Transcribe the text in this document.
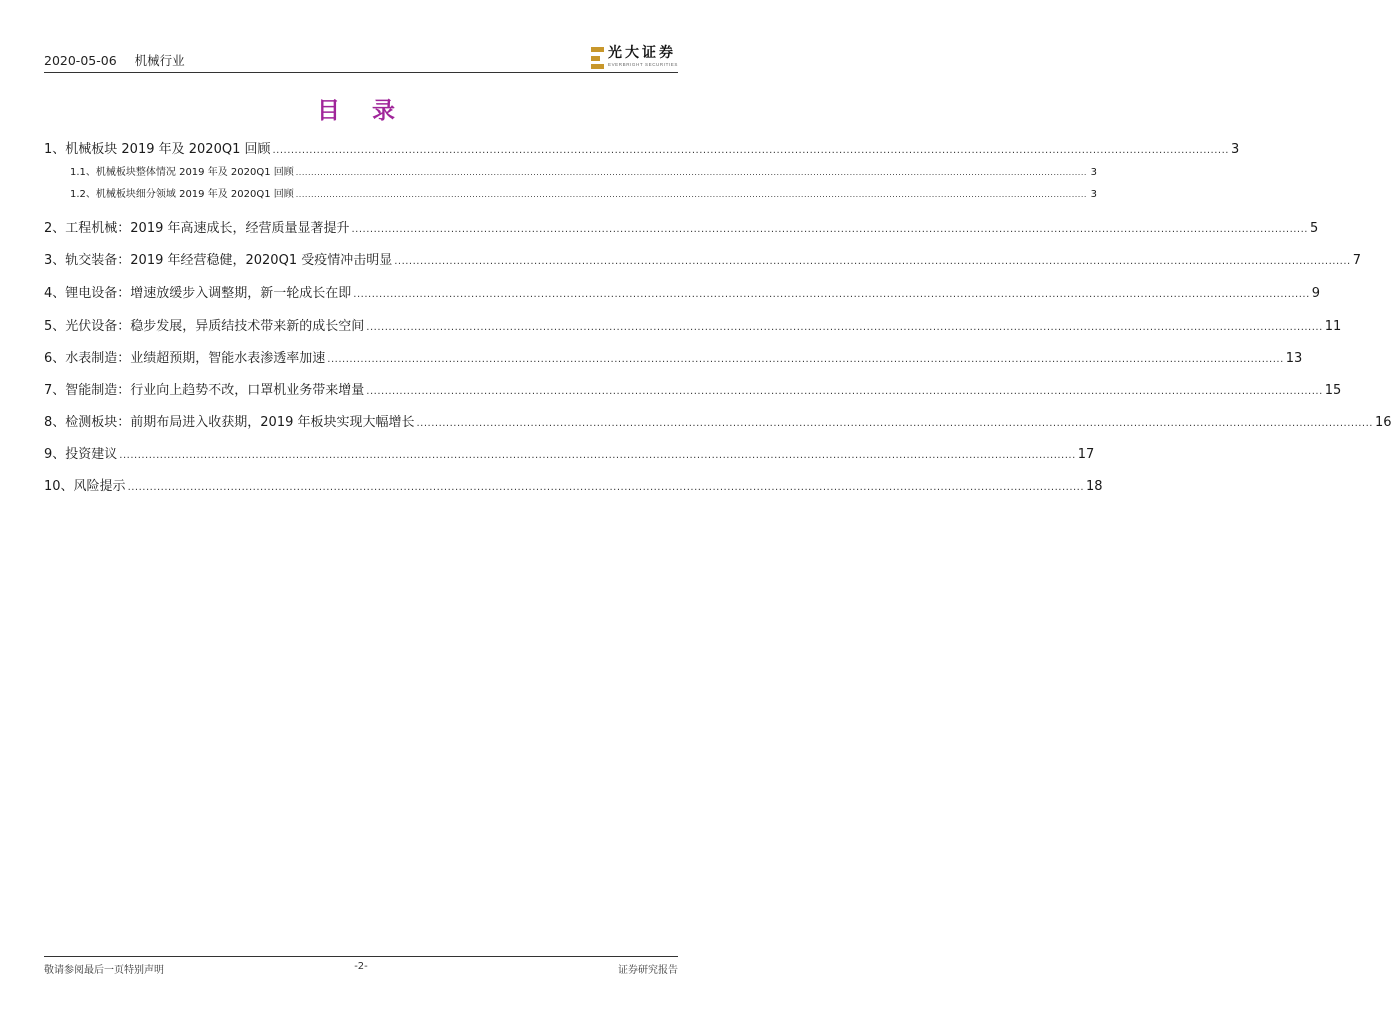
2020-05-06 机械行业	光大证券
EVERBRIGHT SECURITIES
目 录
1、 机械板块 2019 年及 2020Q1 回顾 .................................................................................................................................................................................................................................................................... 3
1.1、 机械板块整体情况 2019 年及 2020Q1 回顾 .................................................................................................................................................................................................................................................................... 3
1.2、 机械板块细分领域 2019 年及 2020Q1 回顾 .................................................................................................................................................................................................................................................................... 3
2、 工程机械：2019 年高速成长，经营质量显著提升 .................................................................................................................................................................................................................................................................... 5
3、 轨交装备：2019 年经营稳健，2020Q1 受疫情冲击明显 .................................................................................................................................................................................................................................................................... 7
4、 锂电设备：增速放缓步入调整期，新一轮成长在即 .................................................................................................................................................................................................................................................................... 9
5、 光伏设备：稳步发展，异质结技术带来新的成长空间 .................................................................................................................................................................................................................................................................... 11
6、 水表制造：业绩超预期，智能水表渗透率加速 .................................................................................................................................................................................................................................................................... 13
7、 智能制造：行业向上趋势不改，口罩机业务带来增量 .................................................................................................................................................................................................................................................................... 15
8、 检测板块：前期布局进入收获期，2019 年板块实现大幅增长 .................................................................................................................................................................................................................................................................... 16
9、 投资建议 .................................................................................................................................................................................................................................................................... 17
10、 风险提示 .................................................................................................................................................................................................................................................................... 18
敬请参阅最后一页特别声明	-2-	证券研究报告
